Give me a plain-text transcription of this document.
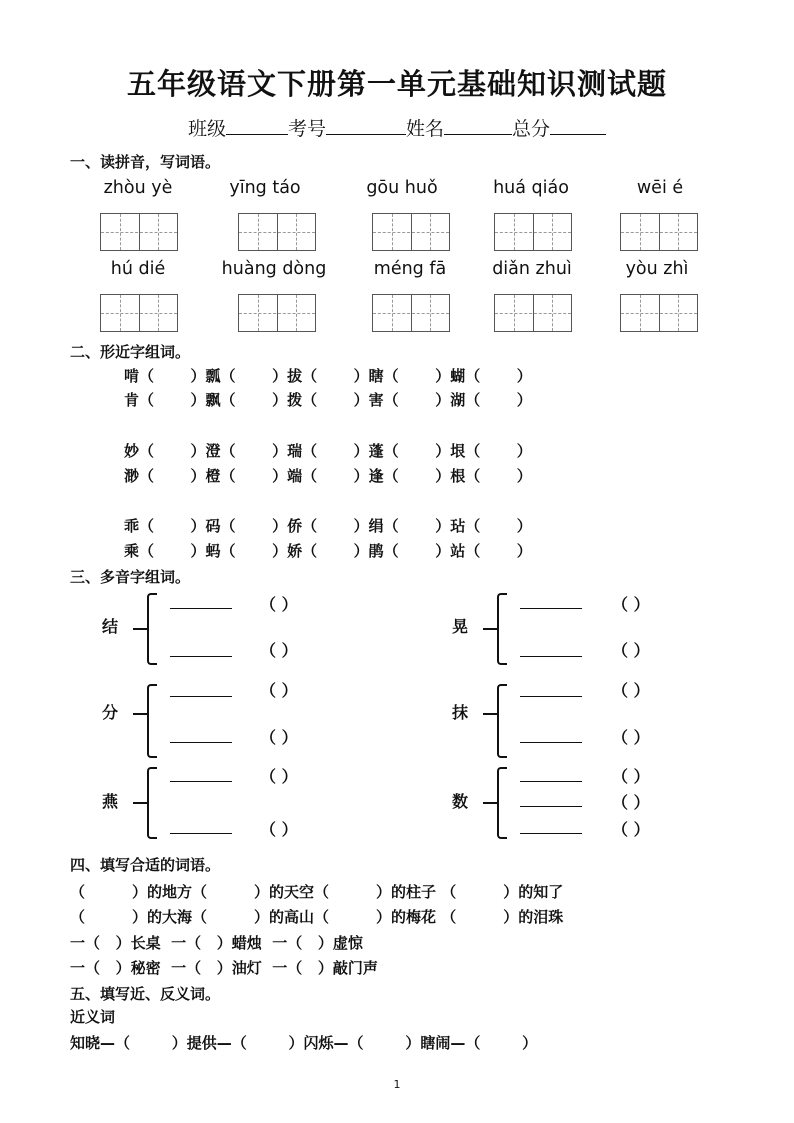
五年级语文下册第一单元基础知识测试题
班级	考号	姓名	总分
一、读拼音，写词语。
zhòu yè	yīng táo	gōu huǒ	huá qiáo	wēi é
hú dié	huàng dòng	méng fā	diǎn zhuì	yòu zhì
二、形近字组词。
啃（       ）瓢（       ）拔（       ）瞎（       ）蝴（       ）
肯（       ）飘（       ）拨（       ）害（       ）湖（       ）
妙（       ）澄（       ）瑞（       ）蓬（       ）垠（       ）
渺（       ）橙（       ）端（       ）逢（       ）根（       ）
乖（       ）码（       ）侨（       ）绢（       ）玷（       ）
乘（       ）蚂（       ）娇（       ）鹃（       ）站（       ）
三、多音字组词。
结
（ ）
（ ）
分
（ ）
（ ）
燕
（ ）
（ ）
晃
（ ）
（ ）
抹
（ ）
（ ）
数
（ ）
（ ）
（ ）
四、填写合适的词语。
（         ）的地方（         ）的天空（         ）的柱子 （         ）的知了
（         ）的大海（         ）的高山（         ）的梅花 （         ）的泪珠
一（   ）长桌  一（   ）蜡烛  一（   ）虚惊
一（   ）秘密  一（   ）油灯  一（   ）敲门声
五、填写近、反义词。
近义词
知晓—（        ）提供—（        ）闪烁—（        ）瞎闹—（        ）
1
